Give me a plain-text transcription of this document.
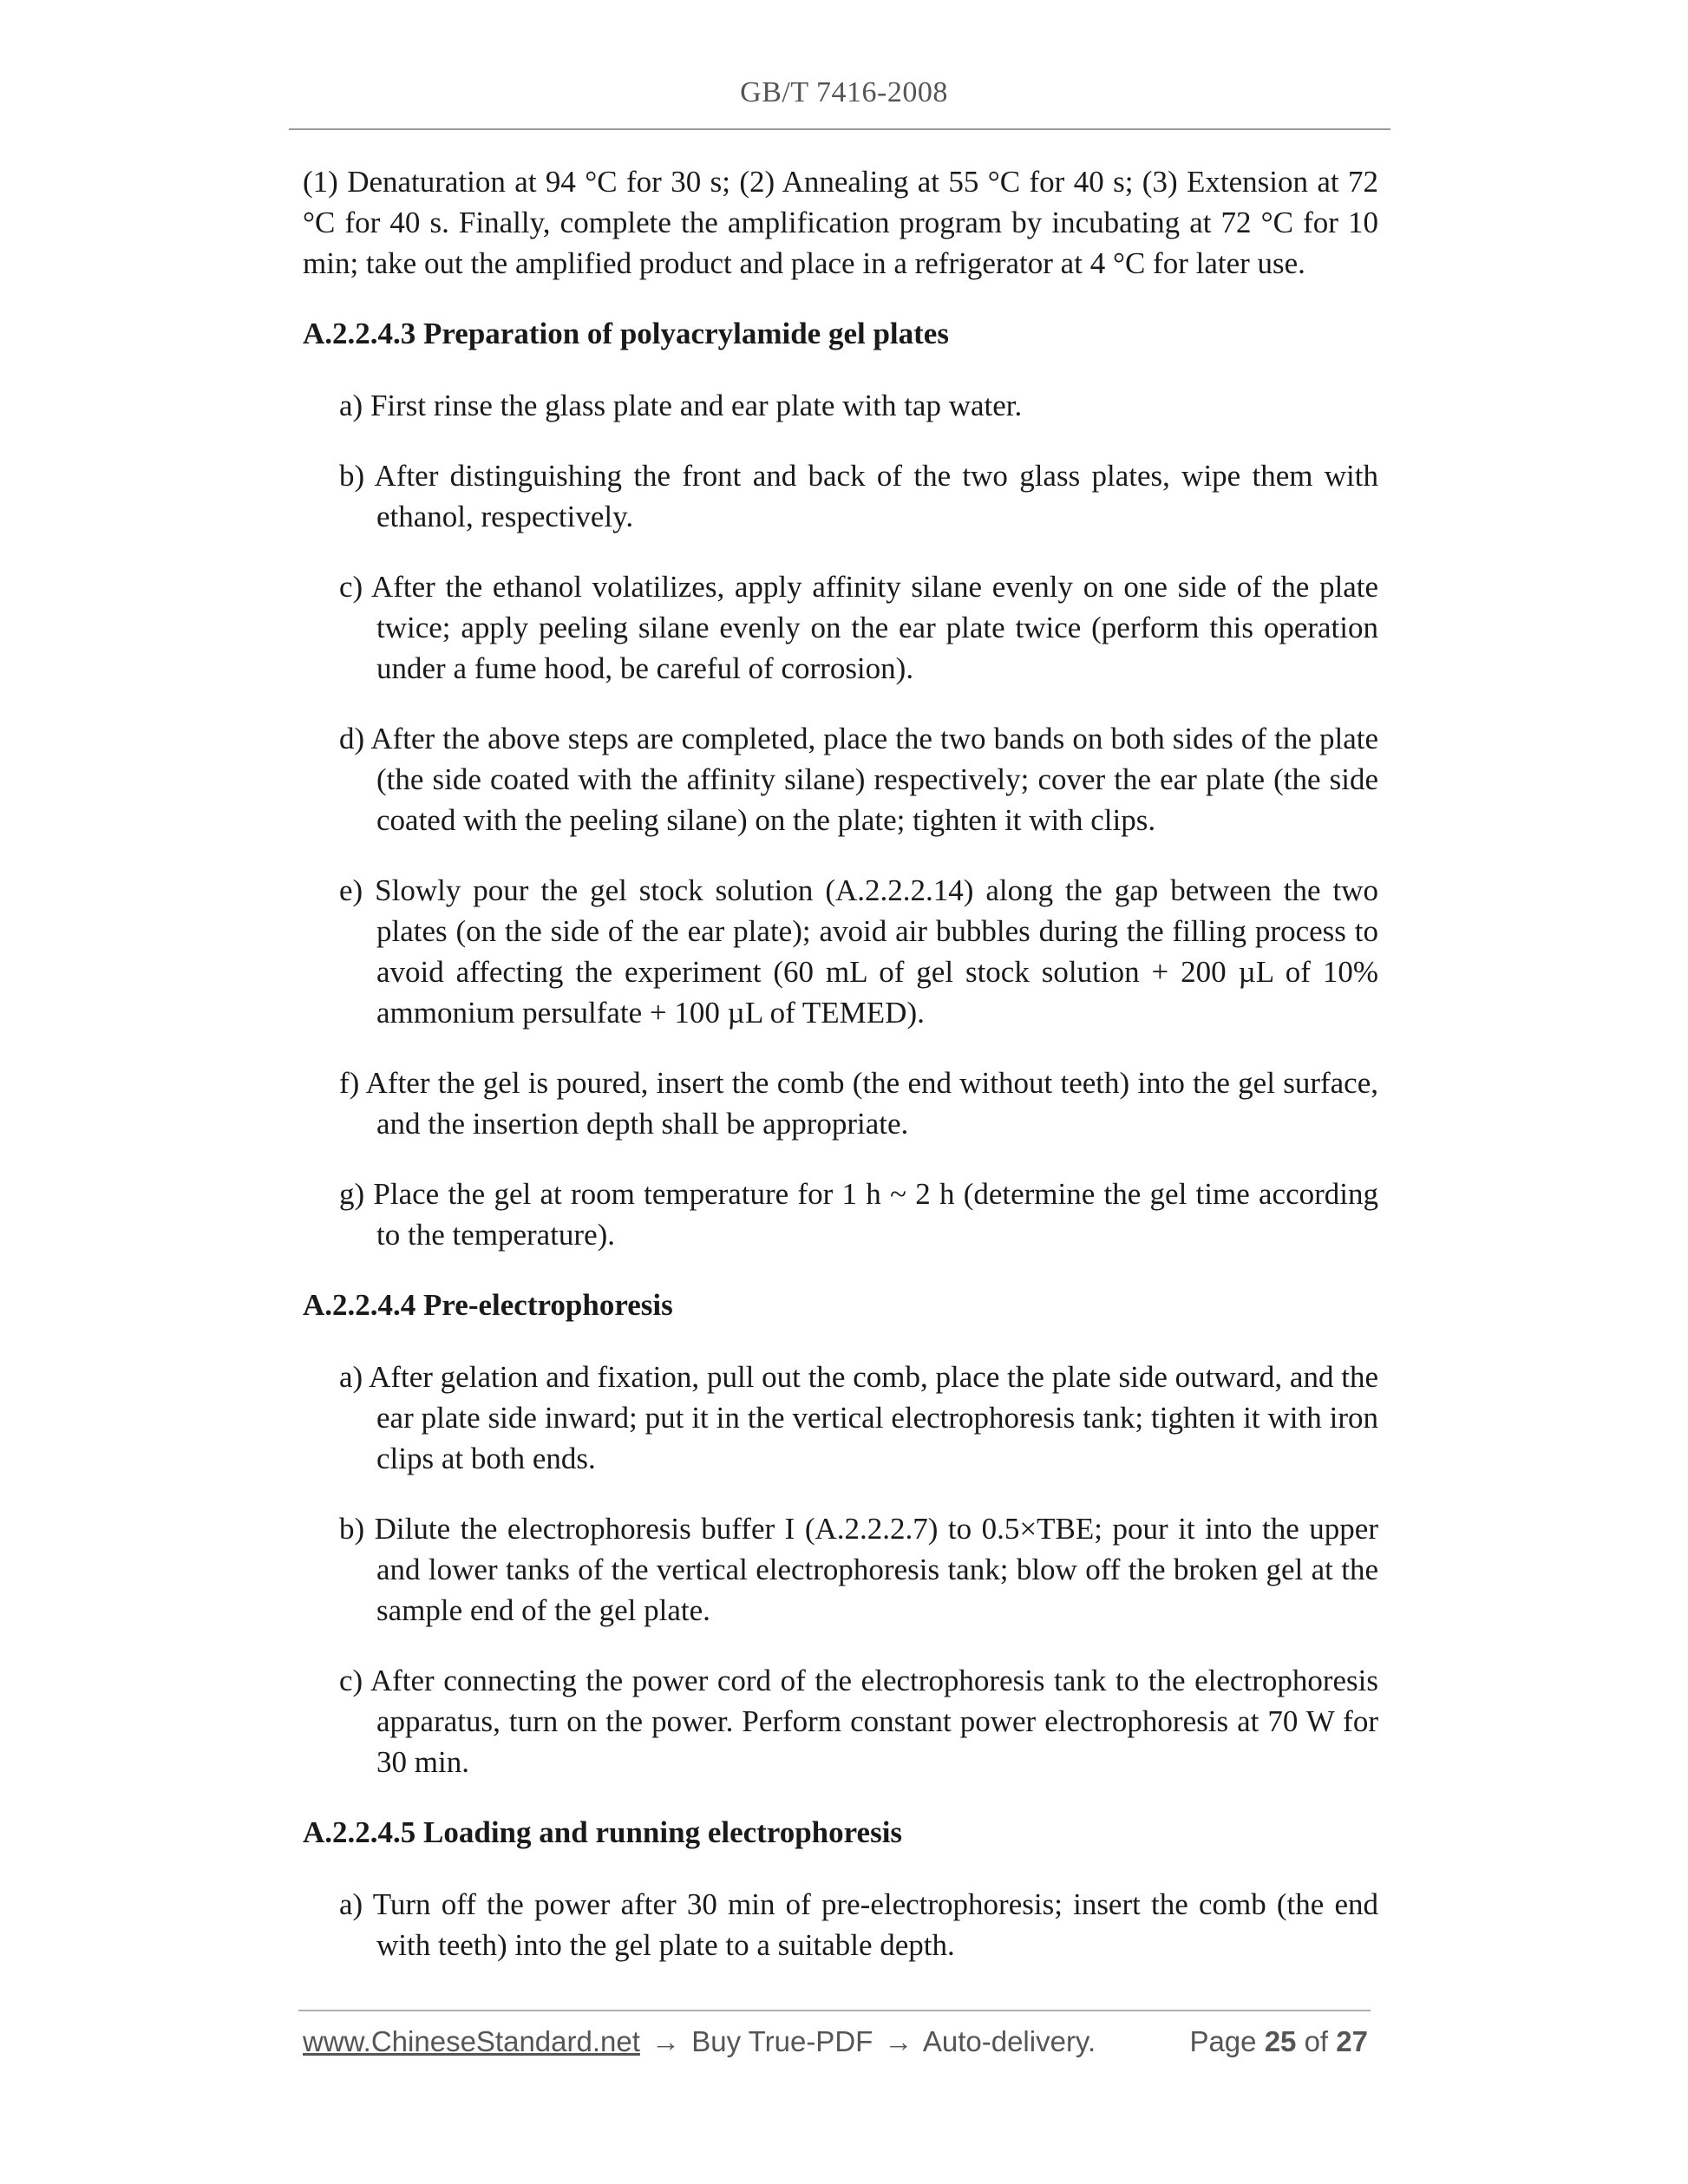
GB/T 7416-2008

(1) Denaturation at 94 °C for 30 s; (2) Annealing at 55 °C for 40 s; (3) Extension at 72 °C for 40 s. Finally, complete the amplification program by incubating at 72 °C for 10 min; take out the amplified product and place in a refrigerator at 4 °C for later use.

A.2.2.4.3 Preparation of polyacrylamide gel plates
a) First rinse the glass plate and ear plate with tap water.
b) After distinguishing the front and back of the two glass plates, wipe them with ethanol, respectively.
c) After the ethanol volatilizes, apply affinity silane evenly on one side of the plate twice; apply peeling silane evenly on the ear plate twice (perform this operation under a fume hood, be careful of corrosion).
d) After the above steps are completed, place the two bands on both sides of the plate (the side coated with the affinity silane) respectively; cover the ear plate (the side coated with the peeling silane) on the plate; tighten it with clips.
e) Slowly pour the gel stock solution (A.2.2.2.14) along the gap between the two plates (on the side of the ear plate); avoid air bubbles during the filling process to avoid affecting the experiment (60 mL of gel stock solution + 200 µL of 10% ammonium persulfate + 100 µL of TEMED).
f) After the gel is poured, insert the comb (the end without teeth) into the gel surface, and the insertion depth shall be appropriate.
g) Place the gel at room temperature for 1 h ~ 2 h (determine the gel time according to the temperature).
A.2.2.4.4 Pre-electrophoresis
a) After gelation and fixation, pull out the comb, place the plate side outward, and the ear plate side inward; put it in the vertical electrophoresis tank; tighten it with iron clips at both ends.
b) Dilute the electrophoresis buffer I (A.2.2.2.7) to 0.5×TBE; pour it into the upper and lower tanks of the vertical electrophoresis tank; blow off the broken gel at the sample end of the gel plate.
c) After connecting the power cord of the electrophoresis tank to the electrophoresis apparatus, turn on the power. Perform constant power electrophoresis at 70 W for 30 min.
A.2.2.4.5 Loading and running electrophoresis
a) Turn off the power after 30 min of pre-electrophoresis; insert the comb (the end with teeth) into the gel plate to a suitable depth.
www.ChineseStandard.net → Buy True-PDF → Auto-delivery.	Page 25 of 27
